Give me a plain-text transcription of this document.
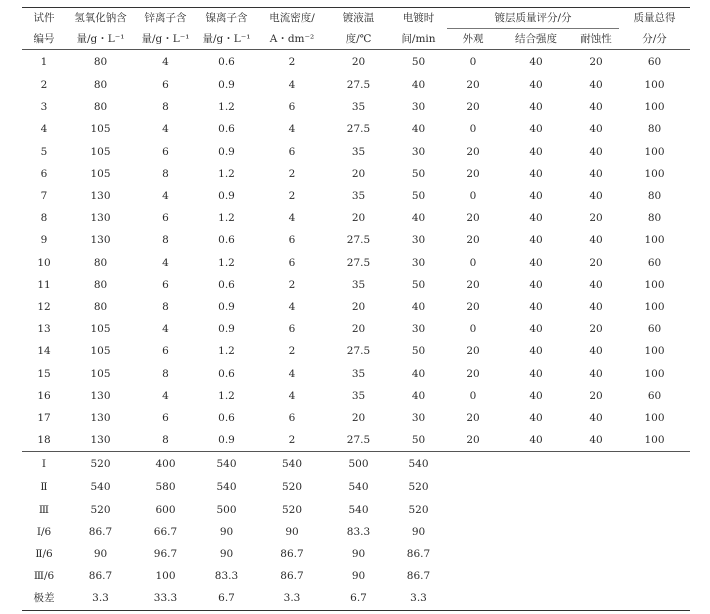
试件	氢氧化钠含	锌离子含	镍离子含	电流密度/	镀液温	电镀时	镀层质量评分/分			质量总得
编号	量/g・L⁻¹	量/g・L⁻¹	量/g・L⁻¹	A・dm⁻²	度/℃	间/min	外观	结合强度	耐蚀性	分/分
1	80	4	0.6	2	20	50	0	40	20	60
2	80	6	0.9	4	27.5	40	20	40	40	100
3	80	8	1.2	6	35	30	20	40	40	100
4	105	4	0.6	4	27.5	40	0	40	40	80
5	105	6	0.9	6	35	30	20	40	40	100
6	105	8	1.2	2	20	50	20	40	40	100
7	130	4	0.9	2	35	50	0	40	40	80
8	130	6	1.2	4	20	40	20	40	20	80
9	130	8	0.6	6	27.5	30	20	40	40	100
10	80	4	1.2	6	27.5	30	0	40	20	60
11	80	6	0.6	2	35	50	20	40	40	100
12	80	8	0.9	4	20	40	20	40	40	100
13	105	4	0.9	6	20	30	0	40	20	60
14	105	6	1.2	2	27.5	50	20	40	40	100
15	105	8	0.6	4	35	40	20	40	40	100
16	130	4	1.2	4	35	40	0	40	20	60
17	130	6	0.6	6	20	30	20	40	40	100
18	130	8	0.9	2	27.5	50	20	40	40	100
Ⅰ	520	400	540	540	500	540				
Ⅱ	540	580	540	520	540	520				
Ⅲ	520	600	500	520	540	520				
Ⅰ/6	86.7	66.7	90	90	83.3	90				
Ⅱ/6	90	96.7	90	86.7	90	86.7				
Ⅲ/6	86.7	100	83.3	86.7	90	86.7				
极差	3.3	33.3	6.7	3.3	6.7	3.3				
